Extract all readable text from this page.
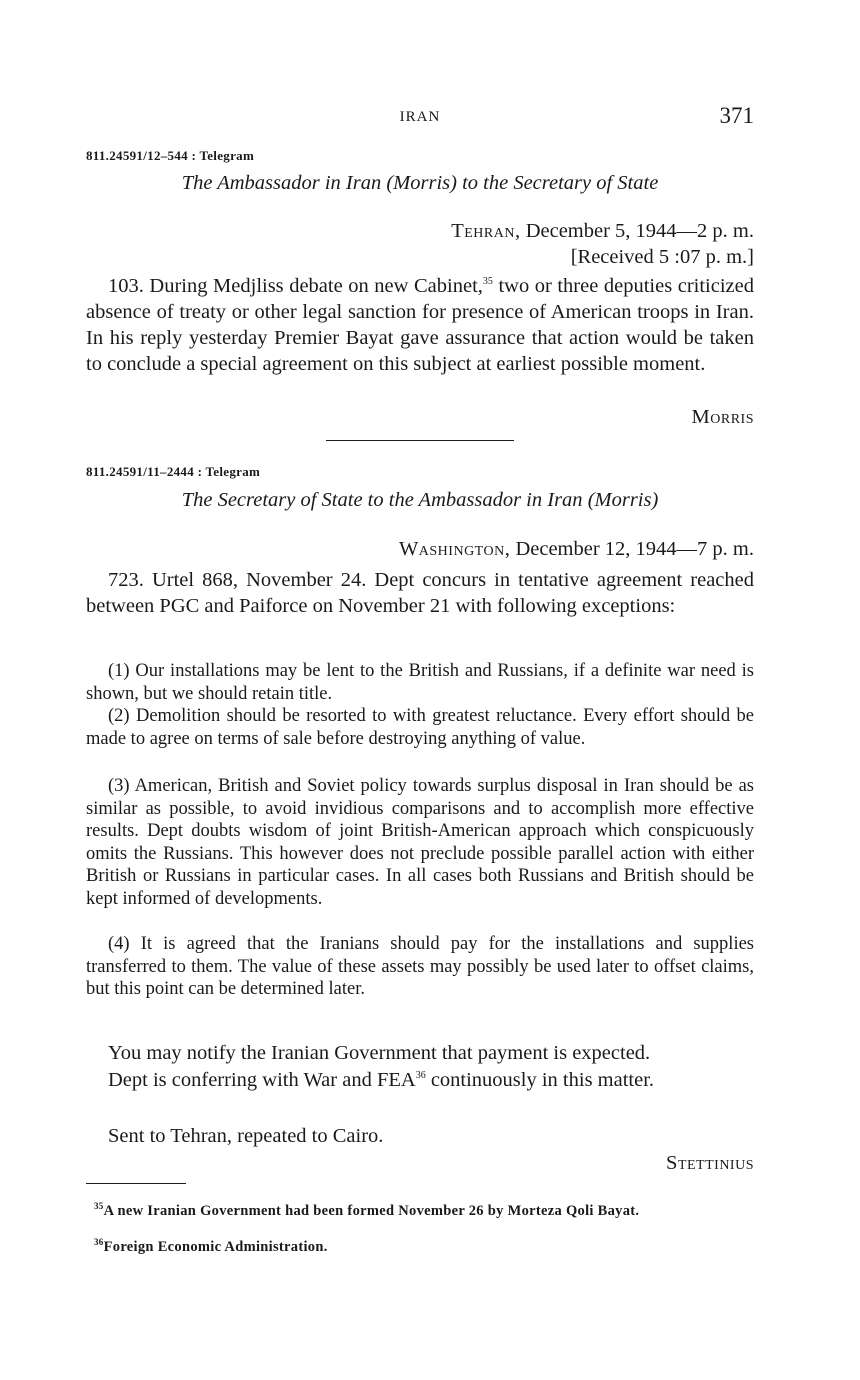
IRAN	371
811.24591/12–544 : Telegram
The Ambassador in Iran (Morris) to the Secretary of State
Tehran, December 5, 1944—2 p. m.
[Received 5 :07 p. m.]
103. During Medjliss debate on new Cabinet,$^{35}$ two or three deputies criticized absence of treaty or other legal sanction for presence of American troops in Iran. In his reply yesterday Premier Bayat gave assurance that action would be taken to conclude a special agreement on this subject at earliest possible moment.
Morris
811.24591/11–2444 : Telegram
The Secretary of State to the Ambassador in Iran (Morris)
Washington, December 12, 1944—7 p. m.
723. Urtel 868, November 24. Dept concurs in tentative agreement reached between PGC and Paiforce on November 21 with following exceptions:
(1) Our installations may be lent to the British and Russians, if a definite war need is shown, but we should retain title.
(2) Demolition should be resorted to with greatest reluctance. Every effort should be made to agree on terms of sale before destroying anything of value.
(3) American, British and Soviet policy towards surplus disposal in Iran should be as similar as possible, to avoid invidious comparisons and to accomplish more effective results. Dept doubts wisdom of joint British-American approach which conspicuously omits the Russians. This however does not preclude possible parallel action with either British or Russians in particular cases. In all cases both Russians and British should be kept informed of developments.
(4) It is agreed that the Iranians should pay for the installations and supplies transferred to them. The value of these assets may possibly be used later to offset claims, but this point can be determined later.
You may notify the Iranian Government that payment is expected.
Dept is conferring with War and FEA$^{36}$ continuously in this matter.
Sent to Tehran, repeated to Cairo.
Stettinius
$^{35}$A new Iranian Government had been formed November 26 by Morteza Qoli Bayat.
$^{36}$Foreign Economic Administration.
